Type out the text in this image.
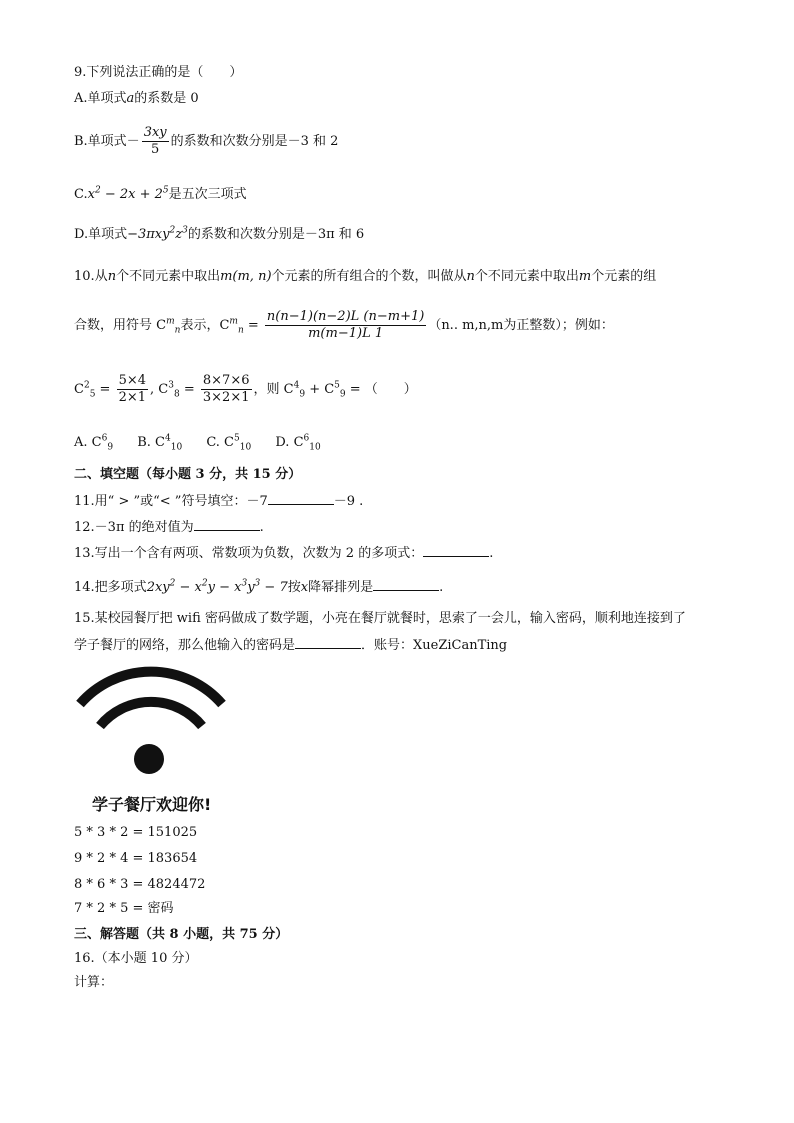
9.下列说法正确的是（　　）
A.单项式a的系数是 0
B.单项式－ $\frac{3xy}{5}$ 的系数和次数分别是－3 和 2
$C.x^2 - 2x + 2^5$是五次三项式
D.单项式$-3\pi xy^2z^3$的系数和次数分别是－3π 和 6
10.从n个不同元素中取出m(m, n)个元素的所有组合的个数，叫做从n个不同元素中取出m个元素的组
合数，用符号 $C^m_n$表示，$C^m_n = \frac{n(n-1)(n-2)L (n-m+1)}{m(m-1)L 1} (n$.. m,n,m为正整数）；例如：
$C^2_5 = \frac{5\times 4}{2\times 1}$ , $C^3_8 = \frac{8\times 7\times 6}{3\times 2\times 1}$ ，则 $C^4_9 + C^5_9$ = （　　）
A. $C^6_9$ B. $C^4_{10}$ C. $C^5_{10}$ D. $C^6_{10}$
二、填空题（每小题 3 分，共 15 分）
11.用“ > ”或“< ”符号填空：－7	－9 .
12.－3π 的绝对值为	.
13.写出一个含有两项、常数项为负数，次数为 2 的多项式：	.
14.把多项式$2xy^2 - x^2y - x^3y^3 - 7$按x降幂排列是	.
15.某校园餐厅把 wifi 密码做成了数学题，小亮在餐厅就餐时，思索了一会儿，输入密码，顺利地连接到了
学子餐厅的网络，那么他输入的密码是	．账号：XueZiCanTing
学子餐厅欢迎你!
5 * 3 * 2 = 151025
9 * 2 * 4 = 183654
8 * 6 * 3 = 4824472
7 * 2 * 5 = 密码
三、解答题（共 8 小题，共 75 分）
16.（本小题 10 分）
计算：
